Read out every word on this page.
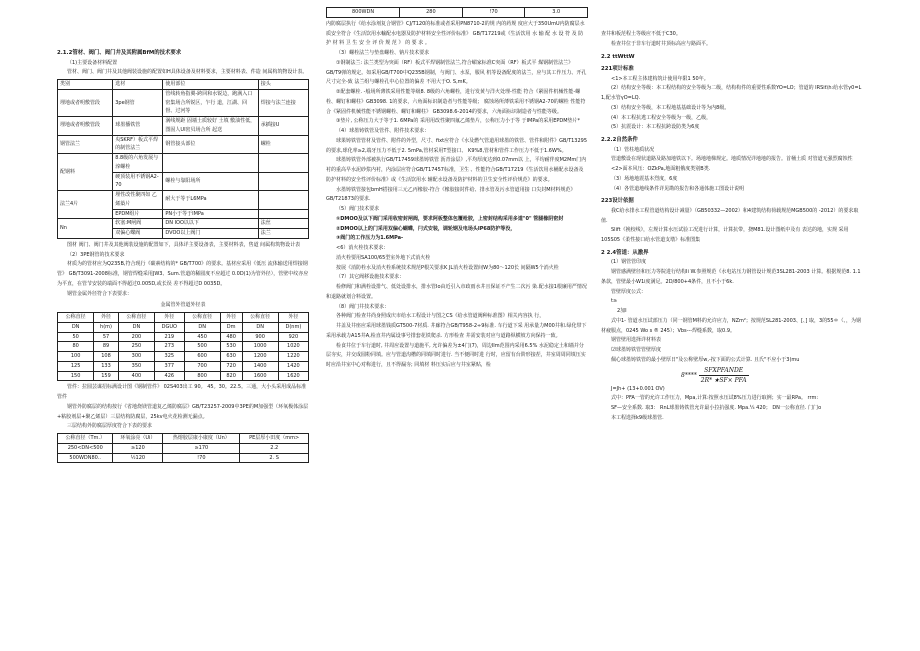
2.1.2管材、阀门、阀门井及其附属BfM的技术要求

（1)主要设备材料配置

管材、阀门、阀门井及其他阀装设施的配置如H具体设备及材料要求，主要材料表、件造 间属构筑物设计表。

类别	选材	使用部位	接头
埋地或者明敷管段	3pe钢管	管线转角指翼-跨回和水锐边，跑满入口密集场合所锐区，乍行 道，江湖、回督、过河等	焊接与法兰连接
埋地或者明敷管段	球墨播铁管	满线规距 固墙土质较好 土填 敷油性低，图固人UI密贝场合所 起送	承插接U
钢管法兰	央SKRF）板式平焊的制管法兰	钢管接头部位	螺栓
配钢料	8.8级的六角发展与淳螺栓		
	硬顶装用不锈钢A2-70	螺栓与靠阳场所	
法兰4片	埋性改性聚四如 乙烯築片	耐大于等于L6MPa	
	EPDM组片	PN小于等于IMPa	
Nn	软塞:M闸阀	DN IOO以以下	法丝
	双偏心蝶阀	DVOO以上阀门	法兰

图材 阀门、阀门井及其他阀装设施的配置如下，具体详主要设备表，主要材料表，售道 间属构筑物设计表

（2）3PE钢管的技术要求

材质为的管材应为Q235B,符合现行《碳素结构的* GB/T700》的要求。基材应采用《低压 流体输送用焊接钢管》 GB/T3091-2008标准，钢管焊缝采用JW3、Sum.管道的稀圆度不应超过 0.0D(1)为管外径），管壁中纹亦应为平直，在管节安装的端面不得超过0.005D,或长误 差不得超过D 0035D。

钢管金属外径符合下表要求：

金属管外管道外径表

公称直径	外径	公称直径	外径	公称直径	外径	公称直径	外径
DN	h(m)	DN	DGUO	DN	Dm	DN	D(nm)
50	57	200	219	450	480	900	920
80	89	250	273	500	530	1000	1020
100	108	300	325	600	630	1200	1220
125	133	350	377	700	720	1400	1420
150	159	400	426	800	820	1600	1620

管件：拉圆芸谋招标满设计图《钢制管件》 02S403出工 90。 45。30。22.5。三通，大小头采用成品标准管件

钢管外防腐层的结构按行《省地烧镁管道复乙烯防腐层》GB/T23257-2009中3PE的M加强型（环氧极体涂层+粘胶剂层+聚乙烯层）三层结构防腐层，25kv电火花检测无漏点。

三层结构外防腐层厚度符合下表的要求

公称直径（Tm.）	环氧涂亮（Ui）	热熔胶层康小康度（Un）	PE层厚小田度（mm>
250<DN<500	≥120	≥170	2.2
500WDN80..	½120	!70	2. S
800WDN	280	!70	3.0

内防腐层执行《给水涂剂复合钢管》CJ/T120的标准或者采用PN8710-2的规 内的药规 度应大于350UmU内防腐层水质安全符合《生活饮用水輸配水电器及防护材料安全性评价标准》 GB/T17219或《生活饮用 水 输 配 水 设 符 及 防 护 材 料 卫 生 安 全 评 价 规 范 》 的 要 求 。

（3）螺栓法兰与垫盘螺栓、钠片技术要求

①钢制法兰: 法兰类型为突面（RF）板式平焊钢制管法兰,符合嵋家标准C突面（RF）板式平 煤钢制管法兰》GB/T9弹的规定。如采用GB/T700中Q235B钢制，与阀门、水泵，服风 机等设备配度的法兰，应与其工作压力、开孔尺寸完全-致 法兰组与螺栓孔中心位置的偏差 不用大于O. S,mK。

②配套螺栓. -般场所薄铁采用性能等级8. 8级的六角螺栓，进行发黄与洋火处理-性能 符合《紧固件机械性能-螺栓、螺钉和螺柱》GB3098. 1的要求，六角面标识制造者与性能等级； 腐蚀场所薄铁采用不锈钢A2-70的螺栓 性能符合《紧固件机械性能不锈钢螺栓、螺钉和螺柱》 GB3098.6-2014的要求，六角面标识制造者与性能等级。

③垫片, 公称压力大于等于1. 6MPa的 采用用改性聚四氟乙烯垫片，公称压力小于等 于IMPa的采用EPDM垫片*

（4）球墨铸铁管及管件、附件技术要求：

球果铸铁管管材及管件、附件的外型，尺寸、fixt应符合《水及燃气管道用球墨的铁管、管件和附件》GB/T13295的要求,球化率≥2,端牙压力不低于2. 5mPa,管材采用T型接口、 K9%8,管材和管件工作压力不低于1.6W%。

球墨铸铁管外部被执行GB/T17459球墨铸铁管 沥青涂层》,平均厚度达到0.07mm以 上，平均耐伴度M2Mm门内衬的重高早水泥砂浆内衬，内涂层应符合GB/T17457标准，卫生 、性能符合GB/T17219《生活饮用水桶配水设备及防护材料的安全性评价标准》或《生活饮用水 辅配水设备及防护材料的卫生安全性评价规范》的要求。

水墨铸铁管接包bmH搭接用三元乙丙橡胶-符合《橡胶接封件给、排水管及污水管道用接 口尖封M材料规范》GB/T21873的要求.

（5）阀门技术要求

①DMOO及以下阀门采用收密封闸阀，要求阿板整体包覆枪胶，上密封结构采用多道"0" 管腿橡阴密封

②DMOO以上的门采用双偏心蝴蝶，闩式安装，调轮钢及电场头IP68防护等没，

③阀门的工作压力为1.6MPa-

<6）消火栓技术要求：

消火栓要用SA100/65型室外地下式消火栓

按展《消防栓水及消火栓系统技术规范P根关要求K JL消火栓设置间W为80～120长 间隔W5个消火栓

（7）其它阀移设施技术要求：

检修阀门和满栓设排气、低处设排水，排水管Io由近引入市政雨水井且保证不产生二次污 染.配水接1根廉用严情况和退路就划合料设置。

（8）阀门井技术要求：

各种阀门检查井尚身照成庆市给水工程设计与图之CS《给水管道阀种标准图》相关内容执 行，

井盖及井座应采用球墨钱质GT500-7材质. 井廊符合GB/T958-2÷9标准. 车行道下采 用承量力M00井和.绿化带下采用承载力A15井A,检直井内属设事号排套花铁爬杀. 方形检查 井需安装对应与道路纵横坡方向保持一致。

检食井位于车行道时, 井周应设置与道施平, 允许偏差为±4门(7)，周边IIm范围内采用6.5% 水泥稳定土和墙并分层夯实，并交成圆粉同填。应与管道沟槽的同填同时进行. 当不便同时进 行时，应留有台阶形接茬，井室周周同填压实时应沿井室中心对称进行，且不得漏夯; 同填材 料压实后应与井室紧贴，检

查井和板范程土等级应不低于C30。

检查井位于非车行道时井顶标高应与路面平。

2.2 ttWttW

221项计标准

<1>本工程主体建构筑计使用年限1 50年。

(2）结构安全等级：本工程结构的安全等级为二级，结构构件的重要性系数YO=LO；管道的 IRSit\h:给水管γ0=L 1,配水管γO=LQ.

(3）结构安全等级，本工程地基基础设计等为内8级。

(4）本工程抗逃工程安全等级为一级，乙级，

(5）抗震设计：本工程抗跨设防类为6度

2.2.2自然条件

（1）管柱地质状况

管道敷设在现状道路及路加地铁以下。场地地梯规定。地质情况详地地的报告。首桶土质 对管道无强烈腐蚀性

<2>面本风压：OZkPa,地面粗俄度类别B类.

（3）场地地震基本烈度，6度

（4）各管道地线条件详见勘的报告和各通体施工图设计说明

223设计依据

我C给水排水工程管道结构设计减量》（GB50332—2002）和4建筑结构荷载规范MGB500的 -2012）的要求取值.

Slift《挽校线》，左规计算水压试验工况进行计算，计算抗带，挠M81.设计图纸中及有 表达的地，实规 采用105S05《柔性接口给水管道支墩》标准图集

2 2.4管道：从激界

(1）钢管管印度

钢管感满壁径和压力等院进行结构Ii W.参照规范《水电站压力钢管设计规范3SL281-2003 计算。根据规范8. 1.1条款，管壁最小W1i度满足。2D/800+4条件，且不小于6k.

管壁厚度公式：

t≥

2加I

式中1- 管道水压试部压力（同一钢管M料的允许应力，NZm²；按规范SL281-2003、[、] 取，3的55＊（、，为钢材疲服点，0245 Wo s ® 245）；Vbs---焊缝系数，取0.9。

钢管壁用选择详材料表

⑵球墨铸铁管管壁厚度

佩心球墨铸铁管的最小壁厚日"及公称壁厚w,-按下面的公式计算. 且氏"不应小于3(mu

$8**** \frac{\text{SFXPFANDE}}{\text{2R* ★SF× PFA}}$

J=Jh+ (13+0.001 OV)

式中：PFA一管的允许工作压力，Mpa,计算:按照水压试8%压力进行取例；实一最RPa。 rrm:

SF—安全系数. 取3： RnL球墨铸铁管允许最小拉抗强度. Mpa.¼ 420； DN一公称直径. 门门o

本工程选择k9级球墨管.
